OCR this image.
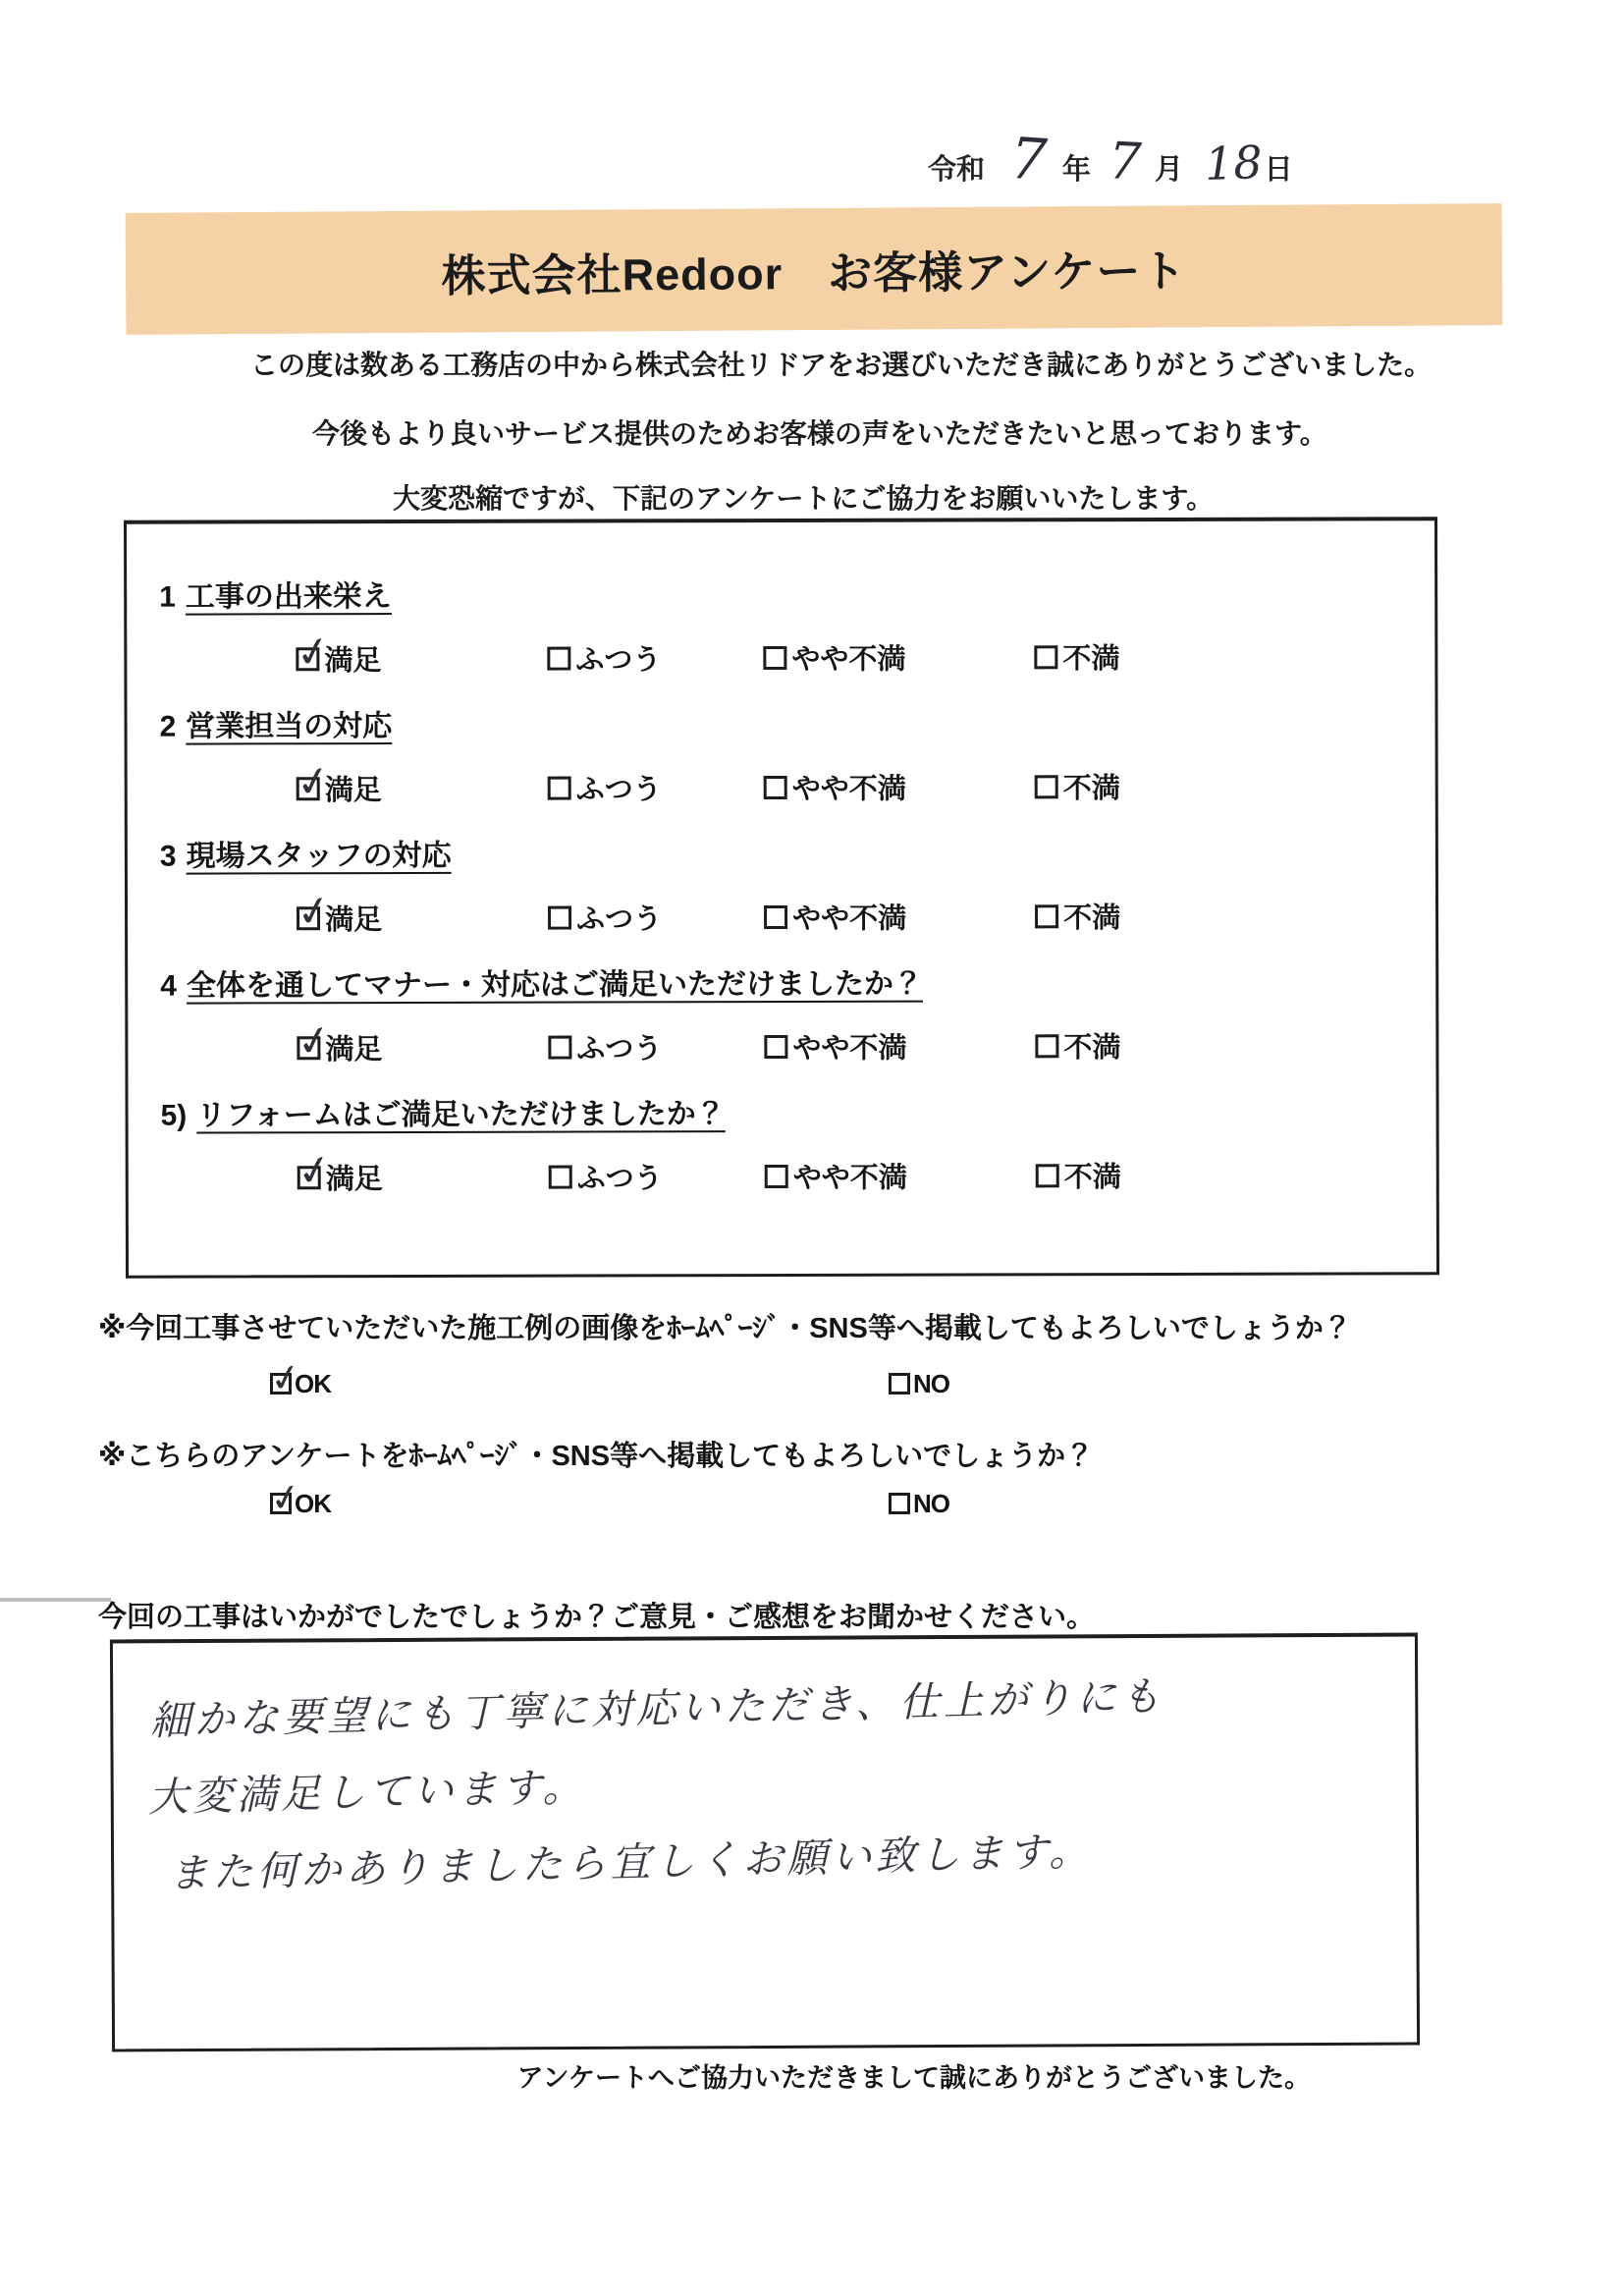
令和 7 年 7 月 18 日
株式会社Redoor　お客様アンケート
この度は数ある工務店の中から株式会社リドアをお選びいただき誠にありがとうございました。
今後もより良いサービス提供のためお客様の声をいただきたいと思っております。
大変恐縮ですが、下記のアンケートにご協力をお願いいたします。
1 工事の出来栄え
✓
満足	ふつう	やや不満	不満
2 営業担当の対応
✓
満足	ふつう	やや不満	不満
3 現場スタッフの対応
✓
満足	ふつう	やや不満	不満
4 全体を通してマナー・対応はご満足いただけましたか？
✓
満足	ふつう	やや不満	不満
5) リフォームはご満足いただけましたか？
✓
満足	ふつう	やや不満	不満
※今回工事させていただいた施工例の画像をﾎｰﾑﾍﾟｰｼﾞ・SNS等へ掲載してもよろしいでしょうか？
✓
OK	NO
※こちらのアンケートをﾎｰﾑﾍﾟｰｼﾞ・SNS等へ掲載してもよろしいでしょうか？
✓
OK	NO
今回の工事はいかがでしたでしょうか？ご意見・ご感想をお聞かせください。
細かな要望にも丁寧に対応いただき、仕上がりにも
大変満足しています。
また何かありましたら宜しくお願い致します。
アンケートへご協力いただきまして誠にありがとうございました。
